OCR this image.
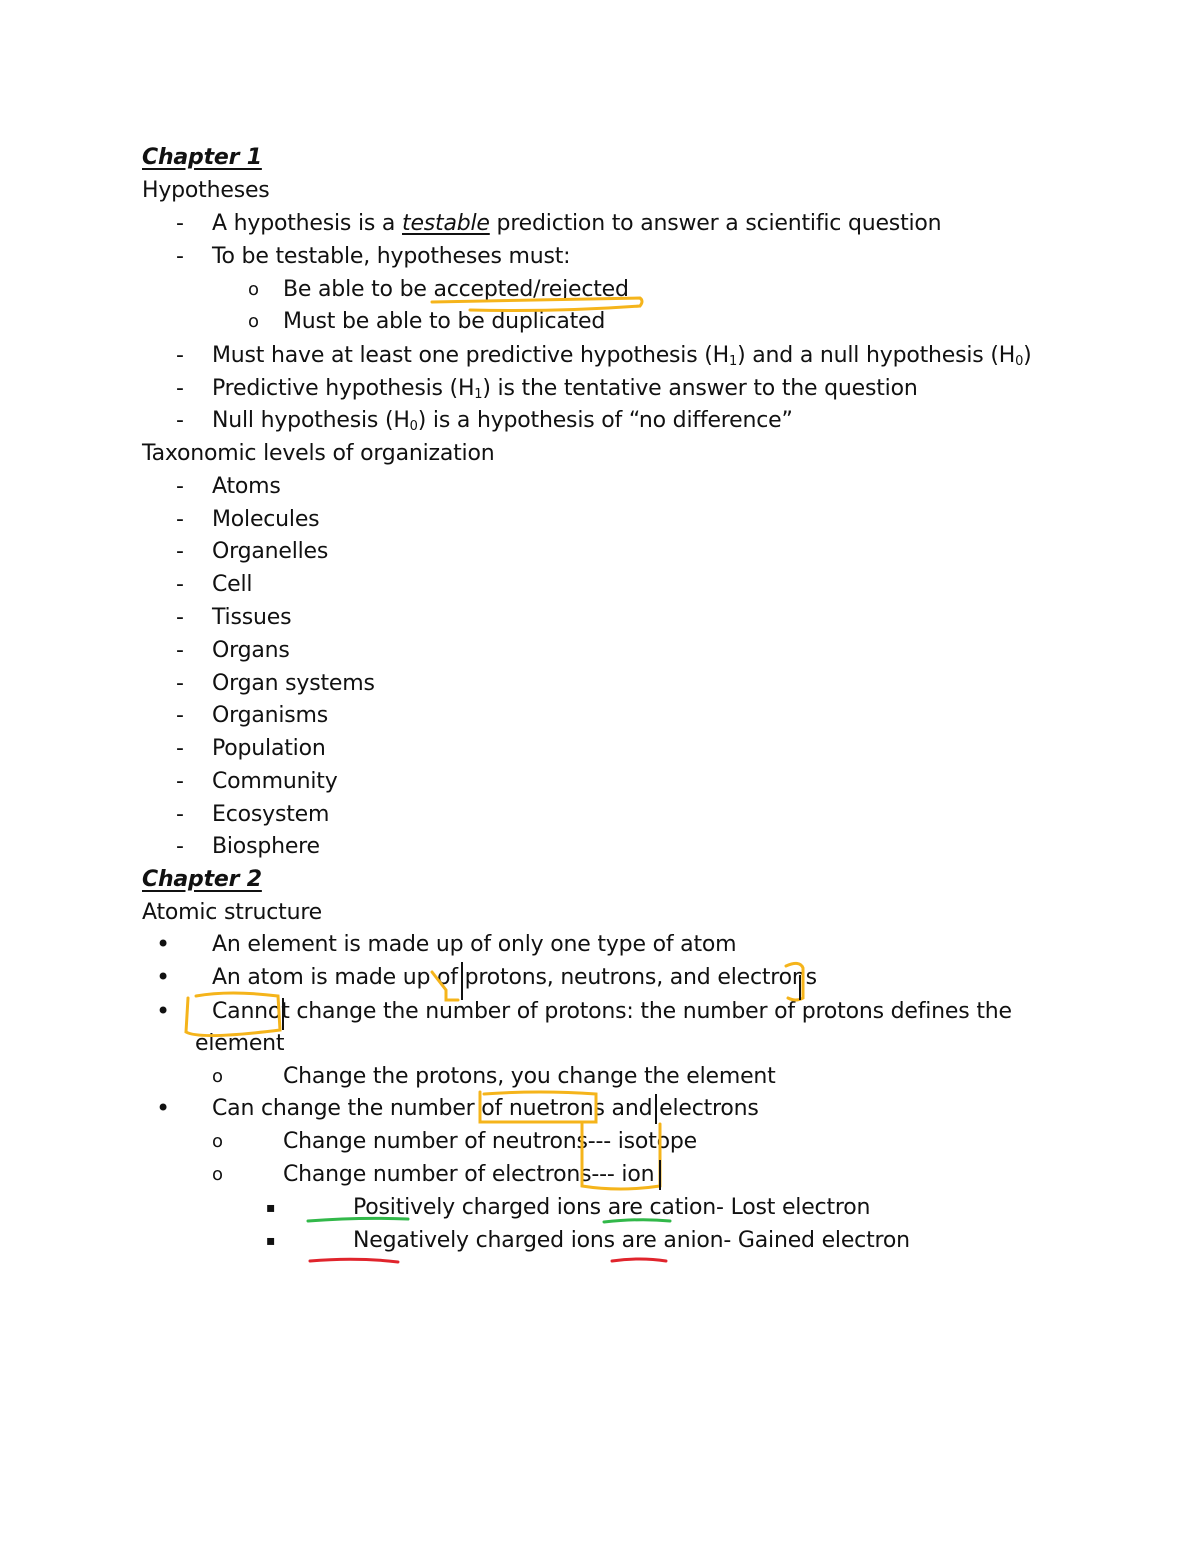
Chapter 1
Hypotheses
- A hypothesis is a testable prediction to answer a scientific question
- To be testable, hypotheses must:
o Be able to be accepted/rejected
o Must be able to be duplicated
- Must have at least one predictive hypothesis $(H_1)$ and a null hypothesis $(H_0)$
- Predictive hypothesis $(H_1)$ is the tentative answer to the question
- Null hypothesis $(H_0)$ is a hypothesis of “no difference”
Taxonomic levels of organization
- Atoms
- Molecules
- Organelles
- Cell
- Tissues
- Organs
- Organ systems
- Organisms
- Population
- Community
- Ecosystem
- Biosphere
Chapter 2
Atomic structure
• An element is made up of only one type of atom
• An atom is made up of protons, neutrons, and electrons
• Cannot change the number of protons: the number of protons defines the
element
o	Change the protons, you change the element
• Can change the number of nuetrons and electrons
o	Change number of neutrons--- isotope
o	Change number of electrons--- ion
▪	Positively charged ions are cation- Lost electron
▪	Negatively charged ions are anion- Gained electron
